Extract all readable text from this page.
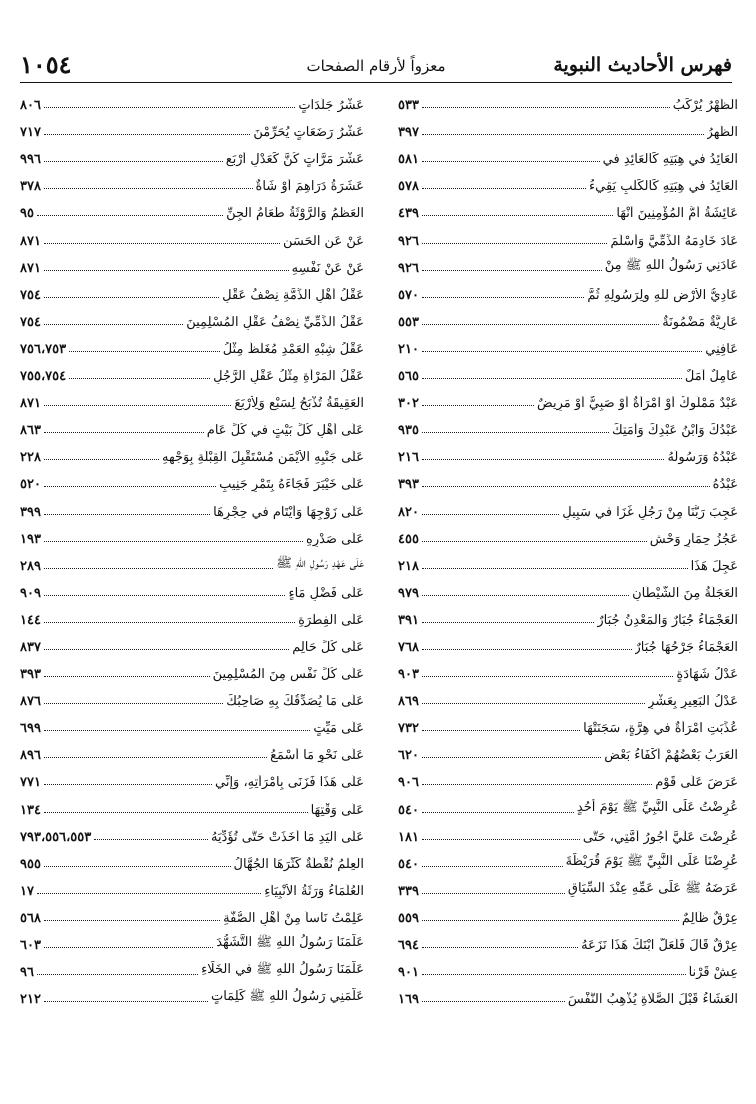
فهرس الأحاديث النبوية
معزواً لأرقام الصفحات
١٠٥٤
الظَّهْرُ يُرْكَبُ
٥٣٣
الظَّهرُ
٣٩٧
العَائِدُ في هِبَتِهِ كَالعَائِدِ في
٥٨١
العَائِدُ في هِبَتِهِ كَالكَلْبِ يَقِيءُ
٥٧٨
عَائِشَةُ أُمُّ المُؤْمِنِينَ أُنْهَا
٤٣٩
عَادَ خَادِمَهُ الذِّمِّيَّ وَأَسْلَمَ
٩٢٦
عَادَنِي رَسُولُ اللهِ ﷺ مِنْ
٩٢٦
عَادِيُّ الأَرْضِ للهِ ولِرَسُولِهِ ثُمَّ
٥٧٠
عَارِيَّةٌ مَضْمُونَةٌ
٥٥٣
عَافِنِي
٢١٠
عَامِلٌ أَمَلٌ
٥٦٥
عَبْدٌ مَمْلُوكٌ أَوْ امْرَأَةٌ أَوْ صَبِيٌّ أَوْ مَرِيضٌ
٣٠٢
عَبْدُكَ وَابْنُ عَبْدِكَ وَأَمَتِكَ
٩٣٥
عَبْدُهُ وَرَسُولُهُ
٢١٦
عَبْدُهُ
٣٩٣
عَجِبَ رَبُّنَا مِنْ رَجُلٍ غَزَا في سَبِيلِ
٨٢٠
عَجُزُ حِمَارٍ وَحْشٍ
٤٥٥
عَجِلَ هَذَا
٢١٨
العَجَلَةُ مِنَ الشَّيْطَانِ
٩٧٩
العَجْمَاءُ جُبَارٌ وَالمَعْدِنُ جُبَارٌ
٣٩١
العَجْمَاءُ جَرْحُهَا جُبَارٌ
٧٦٨
عَدْلُ شَهَادَةٍ
٩٠٣
عَدْلُ البَعِيرِ بِعَشْرٍ
٨٦٩
عُذِّبَتِ امْرَأَةٌ في هِرَّةٍ، سَجَنَتْهَا
٧٣٢
العَرَبُ بَعْضُهُمْ أَكْفَاءُ بَعْضٍ
٦٢٠
عَرَضَ عَلَى قَوْمٍ
٩٠٦
عُرِضْتُ عَلَى النَّبِيِّ ﷺ يَوْمَ أُحُدٍ
٥٤٠
عُرِضْتَ عَلَيَّ أُجُورُ أُمَّتِي، حَتَّى
١٨١
عُرِضْنَا عَلَى النَّبِيِّ ﷺ يَوْمَ قُرَيْظَةَ
٥٤٠
عَرَضَهُ ﷺ عَلَى عَمِّهِ عِنْدَ السِّيَاقِ
٣٣٩
عِرْقٌ ظَالِمٌ
٥٥٩
عِرْقٌ قَالَ فَلَعَلَّ ابْنَكَ هَذَا نَزَعَهُ
٦٩٤
عِشْ قَرْناً
٩٠١
العَشَاءُ قَبْلَ الصَّلَاةِ يُذْهِبُ النَّفْسَ
١٦٩
عَشْرُ جَلَدَاتٍ
٨٠٦
عَشْرُ رَضَعَاتٍ يُحَرِّمْنَ
٧١٧
عَشْرَ مَرَّاتٍ كُنَّ كَعَدْلِ أَرْبَعٍ
٩٩٦
عَشَرَةُ دَرَاهِمَ أَوْ شَاةٌ
٣٧٨
العَظْمُ وَالرَّوْثَةُ طَعَامُ الجِنِّ
٩٥
عَنْ عَنِ الحَسَنِ
٨٧١
عَنْ عَنْ نَفْسِهِ
٨٧١
عَقْلُ أَهْلِ الذِّمَّةِ نِصْفُ عَقْلِ
٧٥٤
عَقْلُ الذِّمِّيِّ نِصْفُ عَقْلِ المُسْلِمِينَ
٧٥٤
عَقْلُ شِبْهِ العَمْدِ مُغَلَّظٌ مِثْلُ
٧٥٦،٧٥٣
عَقْلُ المَرْأَةِ مِثْلُ عَقْلِ الرَّجُلِ
٧٥٥،٧٥٤
العَقِيقَةُ تُذْبَحُ لِسَبْعٍ وَلِأَرْبَعَ
٨٧١
عَلَى أَهْلِ كُلِّ بَيْتٍ في كُلِّ عَامٍ
٨٦٣
عَلَى جَنْبِهِ الأَيْمَنِ مُسْتَقْبِلَ القِبْلَةِ بِوَجْهِهِ
٢٢٨
عَلَى خَيْبَرَ فَجَاءَهُ بِتَمْرٍ جَنِيبٍ
٥٢٠
عَلَى زَوْجِهَا وَأَيْتَامٍ في حِجْرِهَا
٣٩٩
عَلَى صَدْرِهِ
١٩٣
عَلَى عَهْدِ رَسُولِ اللهِ ﷺ
٢٨٩
عَلَى فَضْلِ مَاءٍ
٩٠٩
عَلَى الفِطْرَةِ
١٤٤
عَلَى كُلِّ حَالِمٍ
٨٣٧
عَلَى كُلِّ نَفْسٍ مِنَ المُسْلِمِينَ
٣٩٣
عَلَى مَا يُصَدِّقُكَ بِهِ صَاحِبُكَ
٨٧٦
عَلَى مَيِّتٍ
٦٩٩
عَلَى نَحْوِ مَا أَسْمَعُ
٨٩٦
عَلَى هَذَا فَزَنَى بِامْرَأَتِهِ، وَإِنِّي
٧٧١
عَلَى وَقْتِهَا
١٣٤
عَلَى اليَدِ مَا أَخَذَتْ حَتَّى تُؤَدِّيَهُ
٧٩٣،٥٥٦،٥٥٣
العِلْمُ نُقْطَةٌ كَثَّرَهَا الجُهَّالُ
٩٥٥
العُلَمَاءُ وَرَثَةُ الأَنْبِيَاءِ
١٧
عَلِمْتُ نَاساً مِنْ أَهْلِ الصُّفَّةِ
٥٦٨
عَلَّمَنَا رَسُولُ اللهِ ﷺ التَّشَهُّدَ
٦٠٣
عَلَّمَنَا رَسُولُ اللهِ ﷺ في الخَلَاءِ
٩٦
عَلَّمَنِي رَسُولُ اللهِ ﷺ كَلِمَاتٍ
٢١٢
